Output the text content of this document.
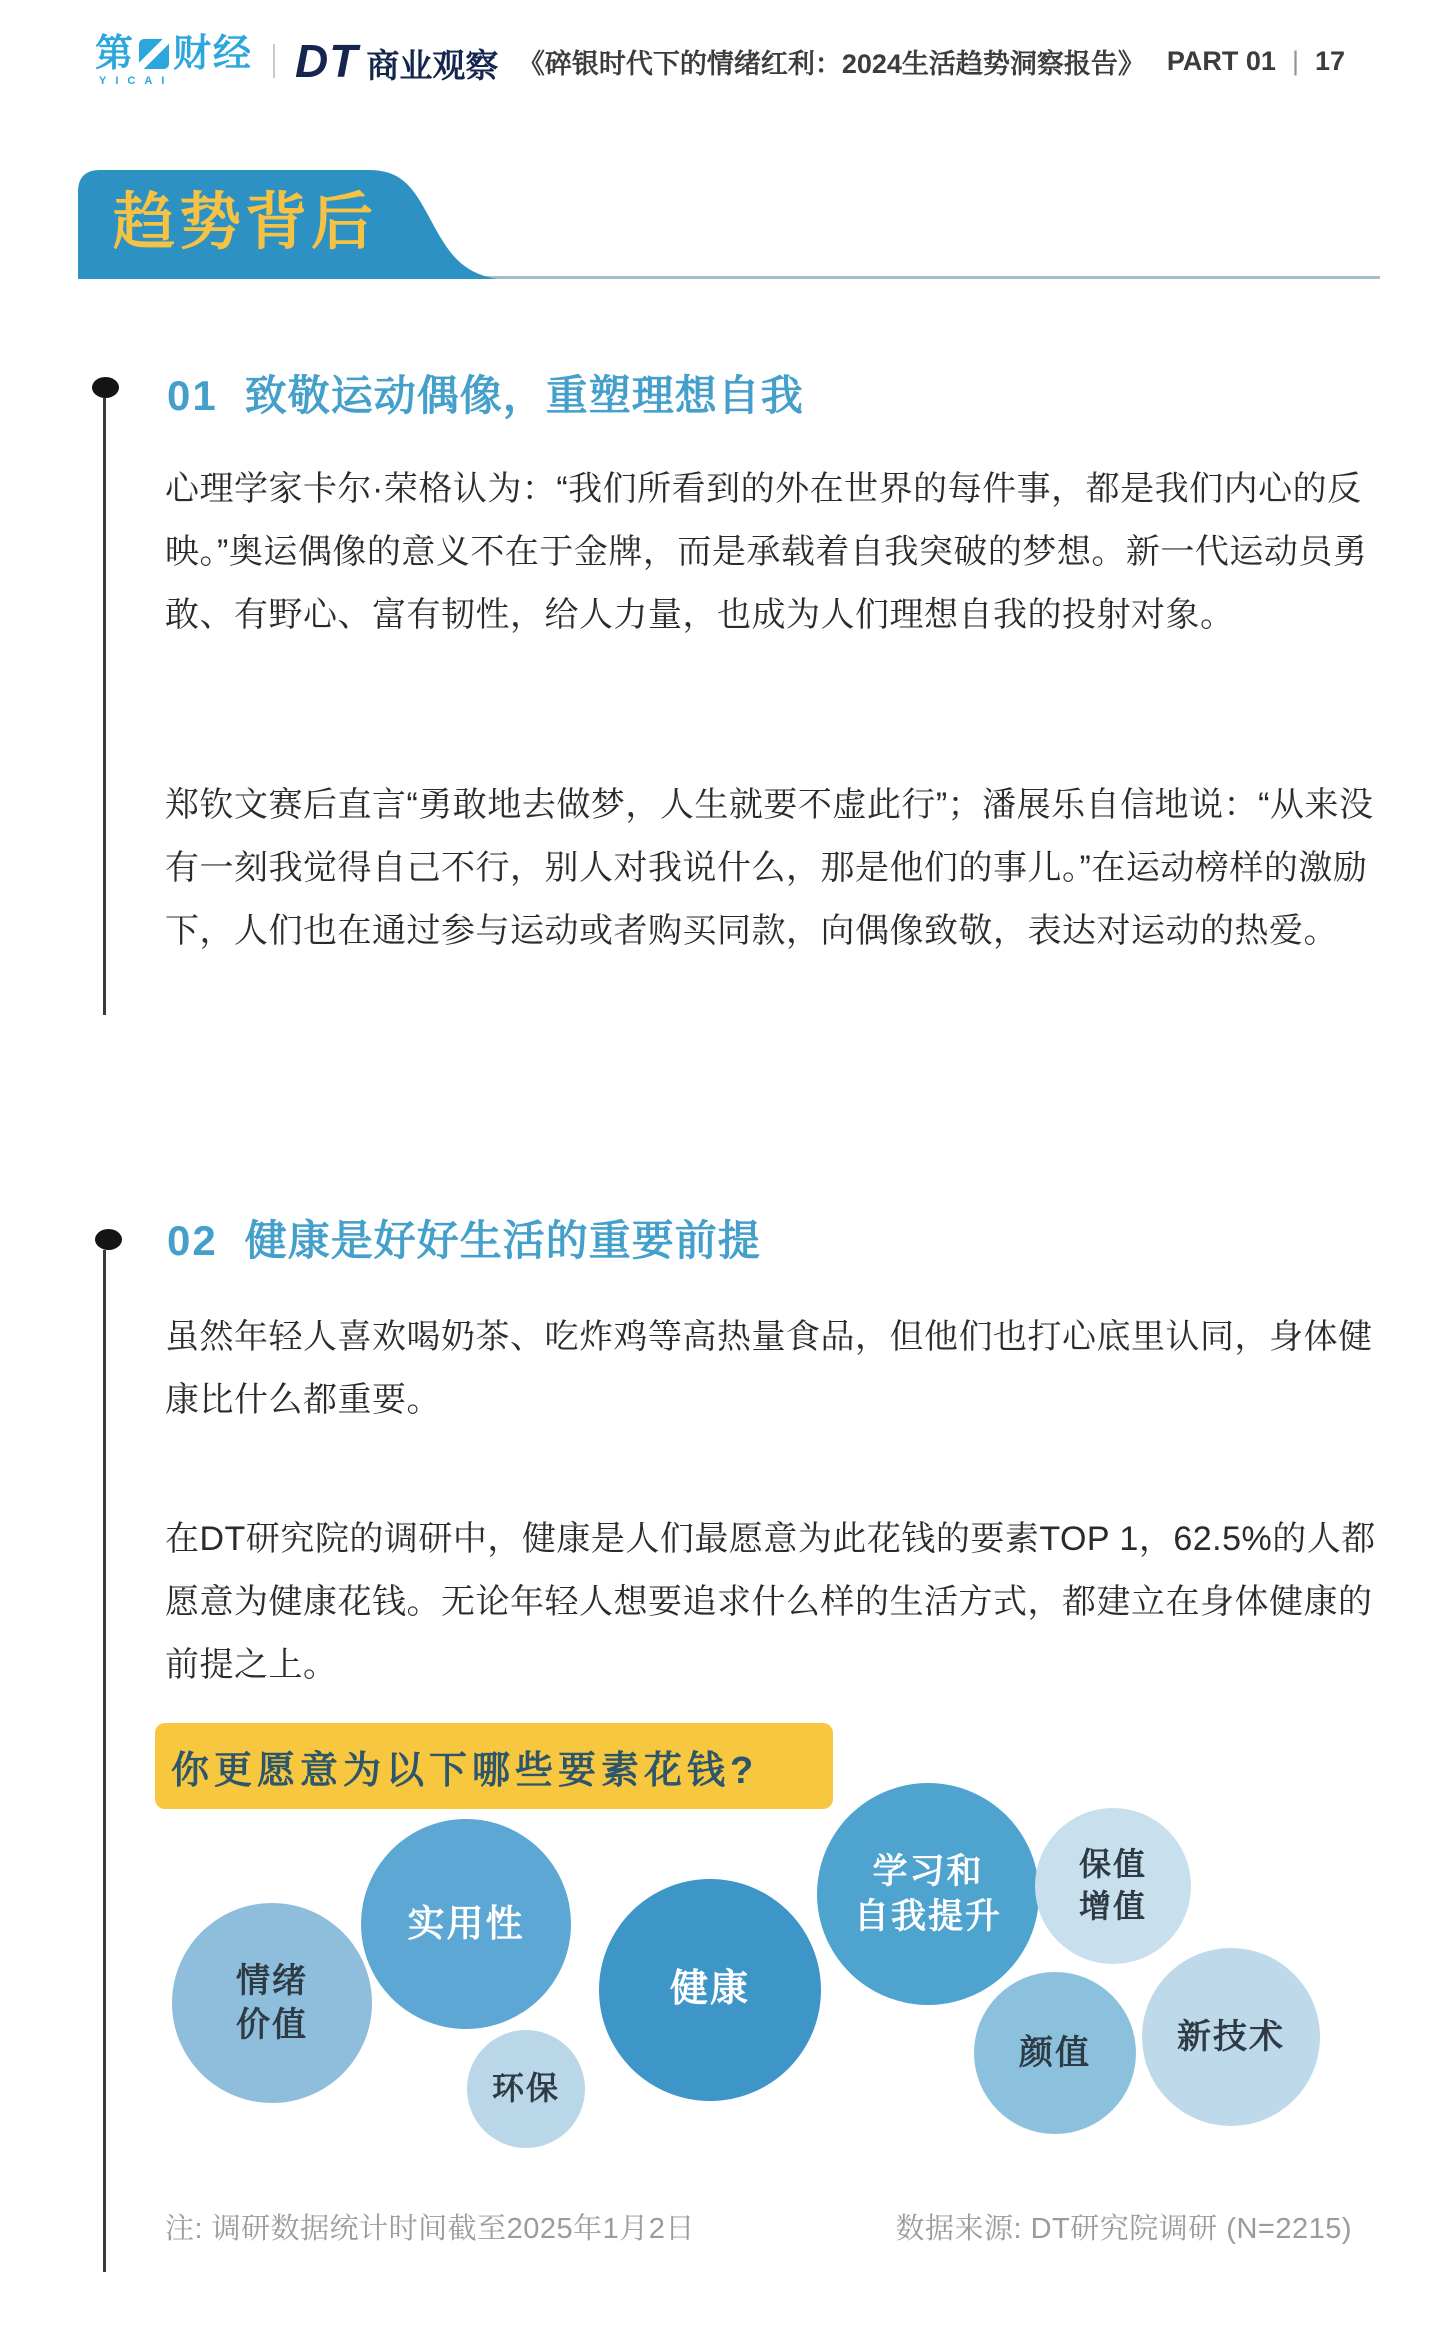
第 财经
YICAI	DT 商业观察 《碎银时代下的情绪红利：2024生活趋势洞察报告》 PART 01 | 17
趋势背后
01 致敬运动偶像，重塑理想自我

心理学家卡尔·荣格认为：“我们所看到的外在世界的每件事，都是我们内心的反映。”奥运偶像的意义不在于金牌，而是承载着自我突破的梦想。新一代运动员勇敢、有野心、富有韧性，给人力量，也成为人们理想自我的投射对象。

郑钦文赛后直言“勇敢地去做梦，人生就要不虚此行”；潘展乐自信地说：“从来没有一刻我觉得自己不行，别人对我说什么，那是他们的事儿。”在运动榜样的激励下，人们也在通过参与运动或者购买同款，向偶像致敬，表达对运动的热爱。

02 健康是好好生活的重要前提

虽然年轻人喜欢喝奶茶、吃炸鸡等高热量食品，但他们也打心底里认同，身体健康比什么都重要。

在DT研究院的调研中，健康是人们最愿意为此花钱的要素TOP 1，62.5%的人都愿意为健康花钱。无论年轻人想要追求什么样的生活方式，都建立在身体健康的前提之上。

你更愿意为以下哪些要素花钱?
情绪
价值
实用性
环保
健康
学习和
自我提升
保值
增值
颜值	新技术
注: 调研数据统计时间截至2025年1月2日	数据来源: DT研究院调研 (N=2215)
